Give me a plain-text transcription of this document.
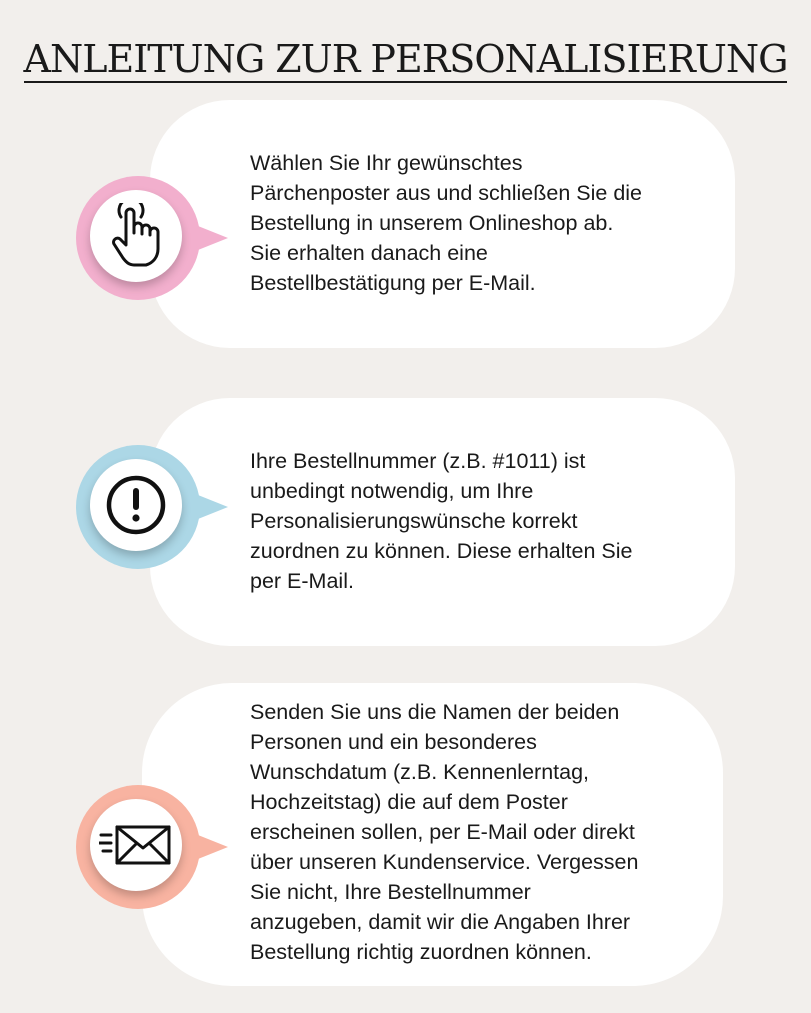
ANLEITUNG ZUR PERSONALISIERUNG
Wählen Sie Ihr gewünschtes
Pärchenposter aus und schließen Sie die
Bestellung in unserem Onlineshop ab.
Sie erhalten danach eine
Bestellbestätigung per E-Mail.
Ihre Bestellnummer (z.B. #1011) ist
unbedingt notwendig, um Ihre
Personalisierungswünsche korrekt
zuordnen zu können. Diese erhalten Sie
per E-Mail.
Senden Sie uns die Namen der beiden
Personen und ein besonderes
Wunschdatum (z.B. Kennenlerntag,
Hochzeitstag) die auf dem Poster
erscheinen sollen, per E-Mail oder direkt
über unseren Kundenservice. Vergessen
Sie nicht, Ihre Bestellnummer
anzugeben, damit wir die Angaben Ihrer
Bestellung richtig zuordnen können.
